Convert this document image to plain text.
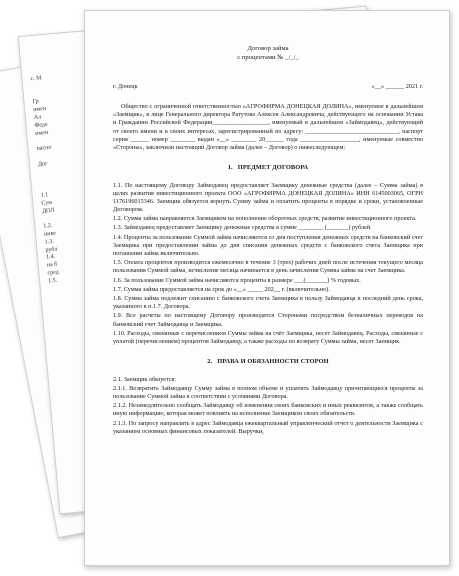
с. М

Гр
имен
Ал
Феде
имен

паспо

Дог

1.1
Сум
ДОЛ

1.2.
инве
1.3.
рубл
1.4.
на б
сред
1.5.
Договор займа
с процентами № _/_/_
г. Донецк	«__» ______ 2021 г.
Общество с ограниченной ответственностью «АГРОФИРМА ДОНЕЦКАЯ ДОЛИНА», именуемое в дальнейшем «Заемщик», в лице Генерального директора Ратутова Алексея Александровича, действующего на основании Устава и Гражданин Российской Федерации__________________, именуемый в дальнейшем «Займодавец», действующий от своего имени и в своих интересах, зарегистрированный по адресу: ______________________________, паспорт серия ______ номер ________ выдан «__» ________ 20______ года ___________________, именуемые совместно «Стороны», заключили настоящий Договор займа (далее – Договор) о нижеследующем:
1. ПРЕДМЕТ ДОГОВОРА
1.1. По настоящему Договору Займодавец предоставляет Заемщику денежные средства (далее – Сумма займа) в целях развития инвестиционного проекта ООО «АГРОФИРМА ДОНЕЦКАЯ ДОЛИНА» ИНН 6145003065, ОГРН 1176196015346. Заемщик обязуется вернуть Сумму займа и оплатить проценты в порядке и сроки, установленные Договором.
1.2. Сумма займа направляется Заемщиком на пополнение оборотных средств, развитие инвестиционного проекта.
1.3. Займодавец предоставляет Заемщику денежные средства в сумме ________ (_______) рублей.
1.4. Проценты за пользование Суммой займа начисляются со дня поступления денежных средств на банковский счет Заемщика при предоставлении займа до дня списания денежных средств с банковского счета Заемщика при погашении займа включительно.
1.5. Оплата процентов производится ежемесячно в течение 3 (трех) рабочих дней после истечения текущего месяца пользования Суммой займа, исчисление месяца начинается в день зачисления Суммы займа на счет Заемщика.
1.6. За пользование Суммой займа начисляются проценты в размере ___(_______) % годовых.
1.7. Сумма займа предоставляется на срок до «__» _____ 202__ г. (включительно).
1.8. Сумма займа подлежит списанию с банковского счета Заемщика в пользу Займодавца в последний день срока, указанного в п.1.7. Договора.
1.9. Все расчеты по настоящему Договору производятся Сторонами посредством безналичных переводов на банковский счет Займодавца и Заемщика.
1.10. Расходы, связанные с перечислением Суммы займа на счёт Заемщика, несет Займодавец. Расходы, связанные с уплатой (перечислением) процентов Займодавцу, а также расходы по возврату Суммы займа, несет Заемщик.
2. ПРАВА И ОБЯЗАННОСТИ СТОРОН
2.1. Заемщик обязуется:
2.1.1. Возвратить Займодавцу Сумму займа в полном объеме и уплатить Займодавцу причитающиеся проценты за пользование Суммой займа в соответствии с условиями Договора.
2.1.2. Незамедлительно сообщать Займодавцу об изменении своих банковских и иных реквизитов, а также сообщать иную информацию, которая может повлиять на исполнение Заемщиком своих обязательств.
2.1.3. По запросу направлять в адрес Займодавца ежеквартальный управленческий отчет о деятельности Заемщика с указанием основных финансовых показателей: Выручки,
